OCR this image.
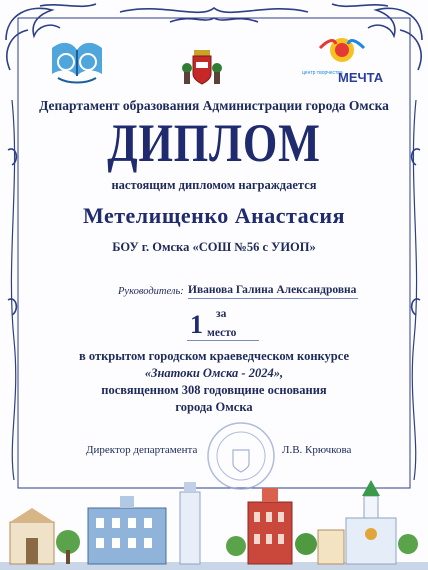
центр творчества
МЕЧТА
Департамент образования Администрации города Омска
ДИПЛОМ
настоящим дипломом награждается
Метелищенко Анастасия
БОУ г. Омска «СОШ №56 с УИОП»
Руководитель: Иванова Галина Александровна
за
1 место
в открытом городском краеведческом конкурсе
«Знатоки Омска - 2024»,
посвященном 308 годовщине основания
города Омска
Директор департамента	Л.В. Крючкова
